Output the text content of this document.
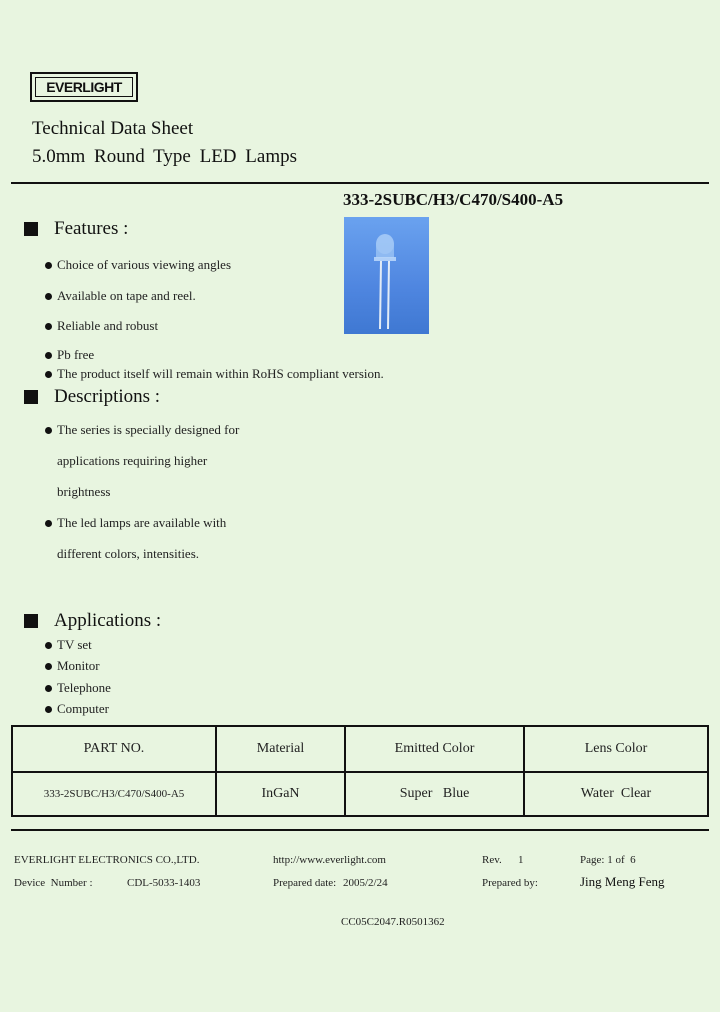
EVERLIGHT
Technical Data Sheet
5.0mm Round Type LED Lamps
333-2SUBC/H3/C470/S400-A5
Features :
Choice of various viewing angles
Available on tape and reel.
Reliable and robust
Pb free
The product itself will remain within RoHS compliant version.
Descriptions :
The series is specially designed for
applications requiring higher
brightness
The led lamps are available with
different colors, intensities.
Applications :
TV set
Monitor
Telephone
Computer
PART NO.	Material	Emitted Color	Lens Color
333-2SUBC/H3/C470/S400-A5	InGaN	Super   Blue	Water  Clear
EVERLIGHT ELECTRONICS CO.,LTD.	http://www.everlight.com	Rev. 1	Page: 1 of  6
Device  Number :	CDL-5033-1403	Prepared date: 2005/2/24	Prepared by:	Jing Meng Feng
CC05C2047.R0501362
